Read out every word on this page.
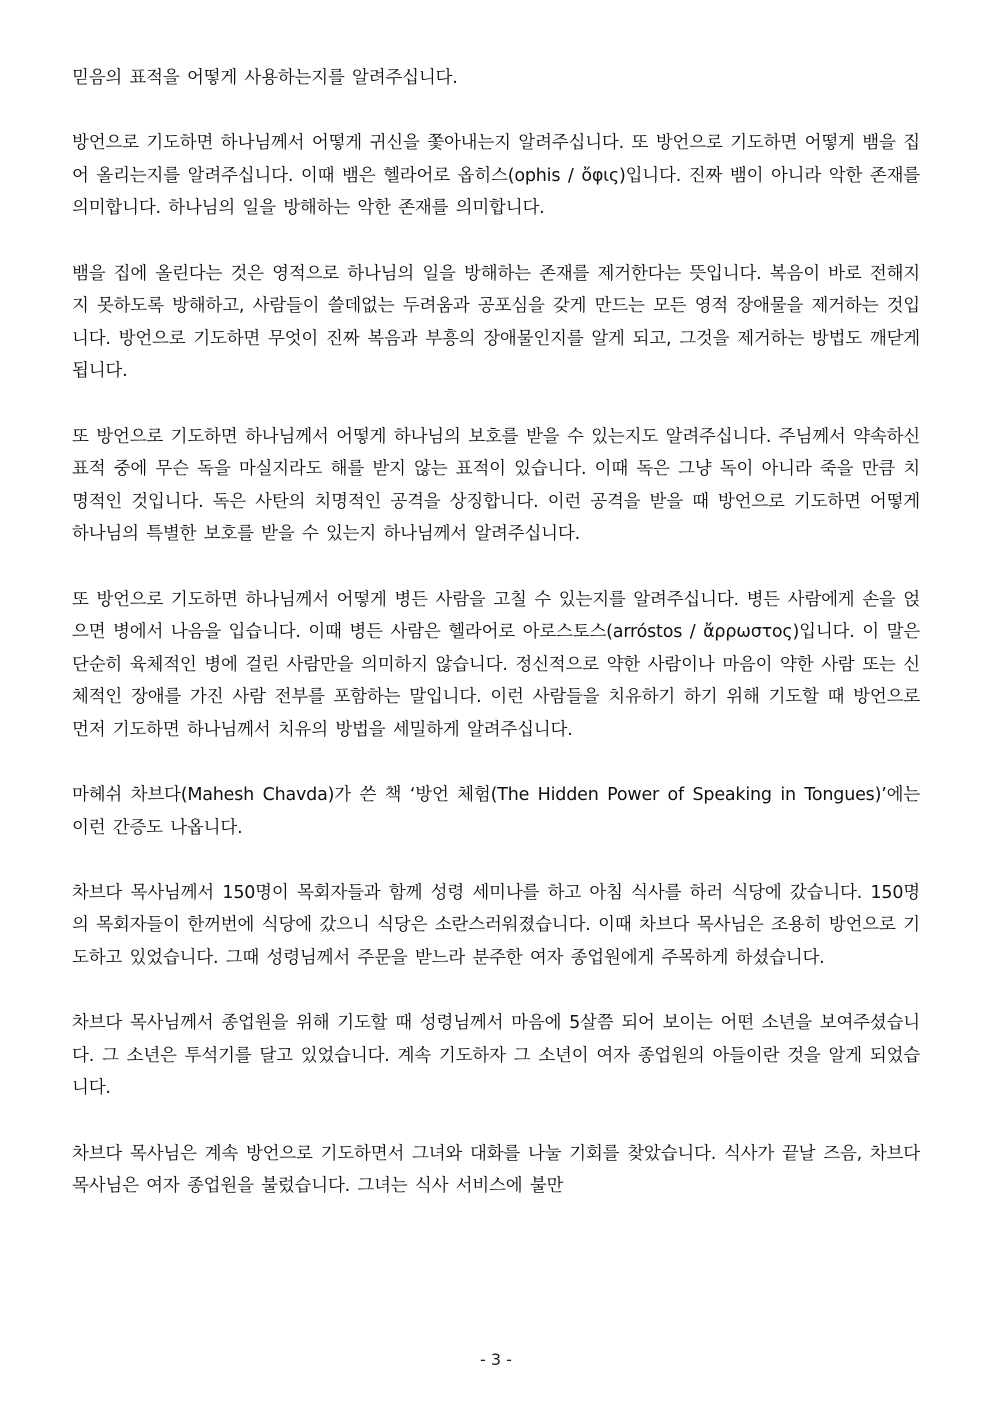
믿음의 표적을 어떻게 사용하는지를 알려주십니다.

방언으로 기도하면 하나님께서 어떻게 귀신을 쫓아내는지 알려주십니다. 또 방언으로 기도하면 어떻게 뱀을 집어 올리는지를 알려주십니다. 이때 뱀은 헬라어로 옵히스(ophis / ὄφις)입니다. 진짜 뱀이 아니라 악한 존재를 의미합니다. 하나님의 일을 방해하는 악한 존재를 의미합니다.

뱀을 집에 올린다는 것은 영적으로 하나님의 일을 방해하는 존재를 제거한다는 뜻입니다. 복음이 바로 전해지지 못하도록 방해하고, 사람들이 쓸데없는 두려움과 공포심을 갖게 만드는 모든 영적 장애물을 제거하는 것입니다. 방언으로 기도하면 무엇이 진짜 복음과 부흥의 장애물인지를 알게 되고, 그것을 제거하는 방법도 깨닫게 됩니다.

또 방언으로 기도하면 하나님께서 어떻게 하나님의 보호를 받을 수 있는지도 알려주십니다. 주님께서 약속하신 표적 중에 무슨 독을 마실지라도 해를 받지 않는 표적이 있습니다. 이때 독은 그냥 독이 아니라 죽을 만큼 치명적인 것입니다. 독은 사탄의 치명적인 공격을 상징합니다. 이런 공격을 받을 때 방언으로 기도하면 어떻게 하나님의 특별한 보호를 받을 수 있는지 하나님께서 알려주십니다.

또 방언으로 기도하면 하나님께서 어떻게 병든 사람을 고칠 수 있는지를 알려주십니다. 병든 사람에게 손을 얹으면 병에서 나음을 입습니다. 이때 병든 사람은 헬라어로 아로스토스(arróstos / ἄρρωστος)입니다. 이 말은 단순히 육체적인 병에 걸린 사람만을 의미하지 않습니다. 정신적으로 약한 사람이나 마음이 약한 사람 또는 신체적인 장애를 가진 사람 전부를 포함하는 말입니다. 이런 사람들을 치유하기 하기 위해 기도할 때 방언으로 먼저 기도하면 하나님께서 치유의 방법을 세밀하게 알려주십니다.

마헤쉬 차브다(Mahesh Chavda)가 쓴 책 ‘방언 체험(The Hidden Power of Speaking in Tongues)’에는 이런 간증도 나옵니다.

차브다 목사님께서 150명이 목회자들과 함께 성령 세미나를 하고 아침 식사를 하러 식당에 갔습니다. 150명의 목회자들이 한꺼번에 식당에 갔으니 식당은 소란스러워졌습니다. 이때 차브다 목사님은 조용히 방언으로 기도하고 있었습니다. 그때 성령님께서 주문을 받느라 분주한 여자 종업원에게 주목하게 하셨습니다.

차브다 목사님께서 종업원을 위해 기도할 때 성령님께서 마음에 5살쯤 되어 보이는 어떤 소년을 보여주셨습니다. 그 소년은 투석기를 달고 있었습니다. 계속 기도하자 그 소년이 여자 종업원의 아들이란 것을 알게 되었습니다.

차브다 목사님은 계속 방언으로 기도하면서 그녀와 대화를 나눌 기회를 찾았습니다. 식사가 끝날 즈음, 차브다 목사님은 여자 종업원을 불렀습니다. 그녀는 식사 서비스에 불만

- 3 -
